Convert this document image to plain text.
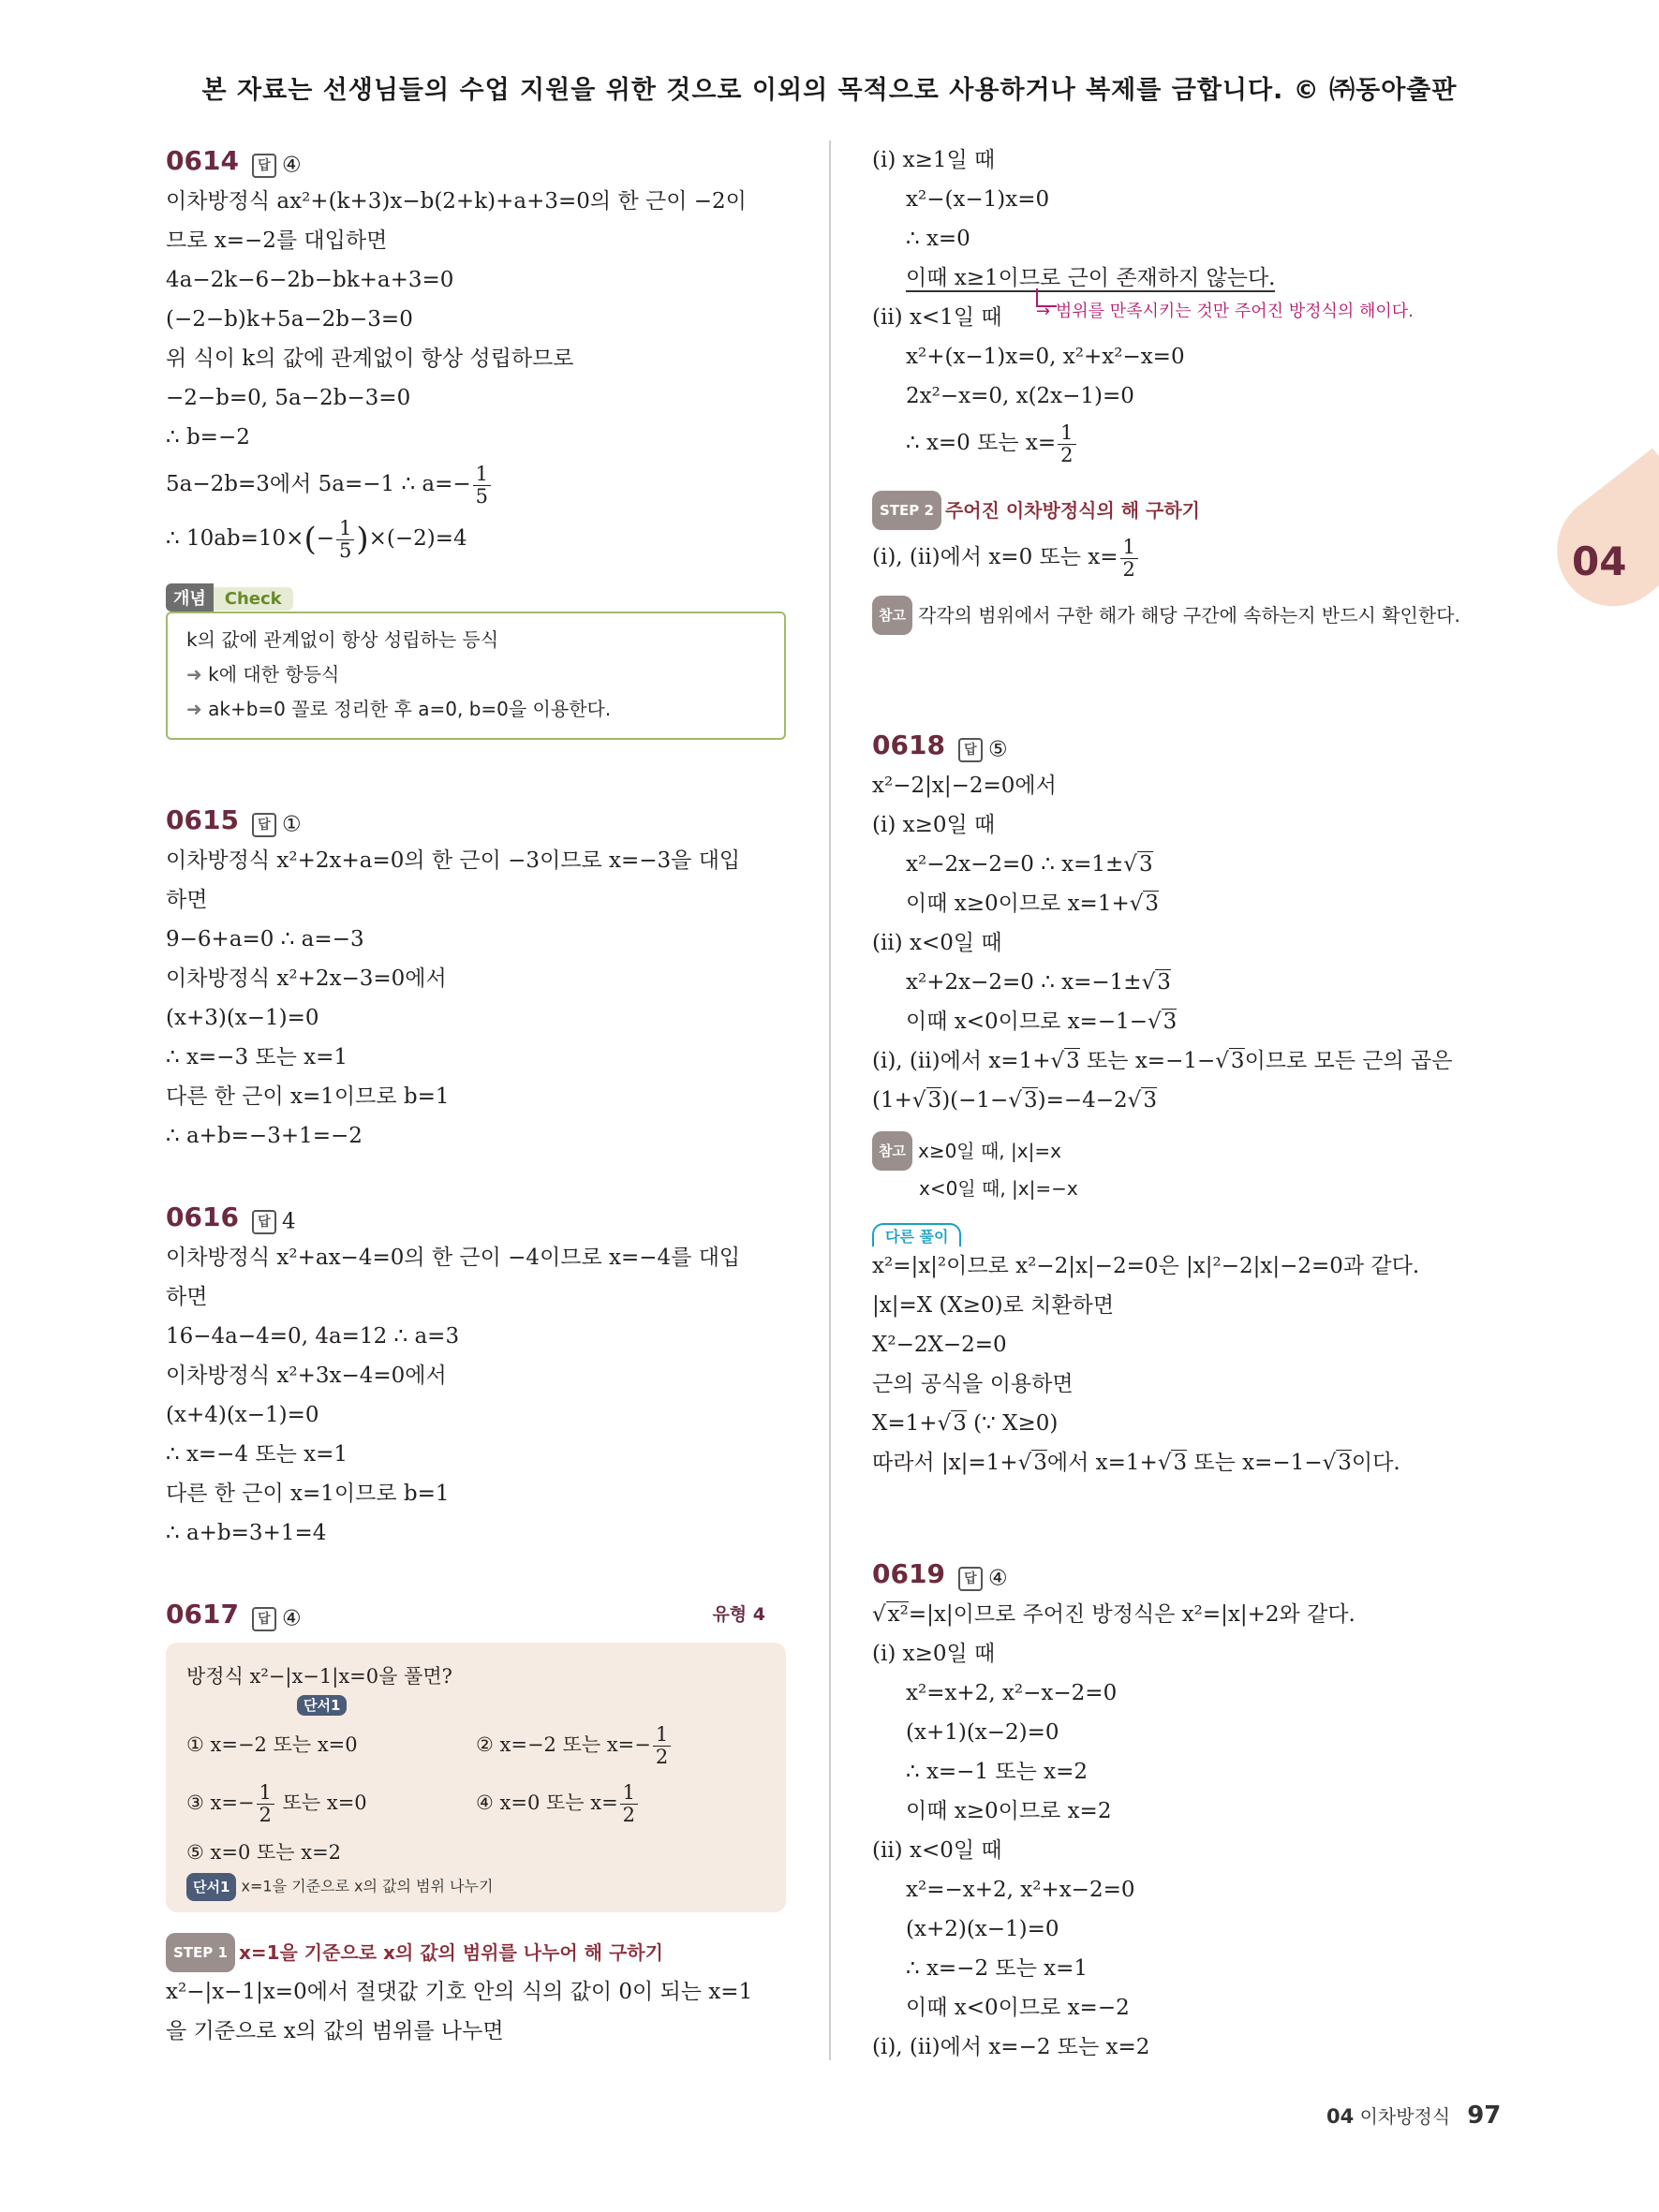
본 자료는 선생님들의 수업 지원을 위한 것으로 이외의 목적으로 사용하거나 복제를 금합니다. © ㈜동아출판
04
0614 답 ④
이차방정식 ax²+(k+3)x−b(2+k)+a+3=0의 한 근이 −2이
므로 x=−2를 대입하면
4a−2k−6−2b−bk+a+3=0
(−2−b)k+5a−2b−3=0
위 식이 k의 값에 관계없이 항상 성립하므로
−2−b=0, 5a−2b−3=0
∴ b=−2
5a−2b=3에서 5a=−1 ∴ $a=- \frac{1}{5}$
∴ $10ab=10\times(- \frac{1}{5} )\times(-2)=4$
개념 Check
k의 값에 관계없이 항상 성립하는 등식
➜ k에 대한 항등식
➜ ak+b=0 꼴로 정리한 후 a=0, b=0을 이용한다.
0615 답 ①
이차방정식 x²+2x+a=0의 한 근이 −3이므로 x=−3을 대입
하면
9−6+a=0 ∴ a=−3
이차방정식 x²+2x−3=0에서
(x+3)(x−1)=0
∴ x=−3 또는 x=1
다른 한 근이 x=1이므로 b=1
∴ a+b=−3+1=−2
0616 답 4
이차방정식 x²+ax−4=0의 한 근이 −4이므로 x=−4를 대입
하면
16−4a−4=0, 4a=12 ∴ a=3
이차방정식 x²+3x−4=0에서
(x+4)(x−1)=0
∴ x=−4 또는 x=1
다른 한 근이 x=1이므로 b=1
∴ a+b=3+1=4
0617 답 ④	유형 4
방정식 x²−|x−1|x=0을 풀면?
단서1
① x=−2 또는 x=0	② x=−2 또는 $x=- \frac{1}{2}$
③ $x=- \frac{1}{2}$ 또는 x=0	④ x=0 또는 $x= \frac{1}{2}$
⑤ x=0 또는 x=2
단서1 x=1을 기준으로 x의 값의 범위 나누기
STEP 1 x=1을 기준으로 x의 값의 범위를 나누어 해 구하기
x²−|x−1|x=0에서 절댓값 기호 안의 식의 값이 0이 되는 x=1
을 기준으로 x의 값의 범위를 나누면
(ⅰ) x≥1일 때
x²−(x−1)x=0
∴ x=0
이때 x≥1이므로 근이 존재하지 않는다.
(ⅱ) x<1일 때
x²+(x−1)x=0, x²+x²−x=0
2x²−x=0, x(2x−1)=0
∴ x=0 또는 $x= \frac{1}{2}$
STEP 2 주어진 이차방정식의 해 구하기
(ⅰ), (ⅱ)에서 x=0 또는 $x= \frac{1}{2}$
참고 각각의 범위에서 구한 해가 해당 구간에 속하는지 반드시 확인한다.
0618 답 ⑤
x²−2|x|−2=0에서
(ⅰ) x≥0일 때
x²−2x−2=0 ∴ x=1±√3
이때 x≥0이므로 x=1+√3
(ⅱ) x<0일 때
x²+2x−2=0 ∴ x=−1±√3
이때 x<0이므로 x=−1−√3
(ⅰ), (ⅱ)에서 x=1+√3 또는 x=−1−√3이므로 모든 근의 곱은
(1+√3)(−1−√3)=−4−2√3
참고 x≥0일 때, |x|=x
x<0일 때, |x|=−x
다른 풀이
x²=|x|²이므로 x²−2|x|−2=0은 |x|²−2|x|−2=0과 같다.
|x|=X (X≥0)로 치환하면
X²−2X−2=0
근의 공식을 이용하면
X=1+√3 (∵ X≥0)
따라서 |x|=1+√3에서 x=1+√3 또는 x=−1−√3이다.
0619 답 ④
√x²=|x|이므로 주어진 방정식은 x²=|x|+2와 같다.
(ⅰ) x≥0일 때
x²=x+2, x²−x−2=0
(x+1)(x−2)=0
∴ x=−1 또는 x=2
이때 x≥0이므로 x=2
(ⅱ) x<0일 때
x²=−x+2, x²+x−2=0
(x+2)(x−1)=0
∴ x=−2 또는 x=1
이때 x<0이므로 x=−2
(ⅰ), (ⅱ)에서 x=−2 또는 x=2
→ 범위를 만족시키는 것만 주어진 방정식의 해이다.
04 이차방정식 97
